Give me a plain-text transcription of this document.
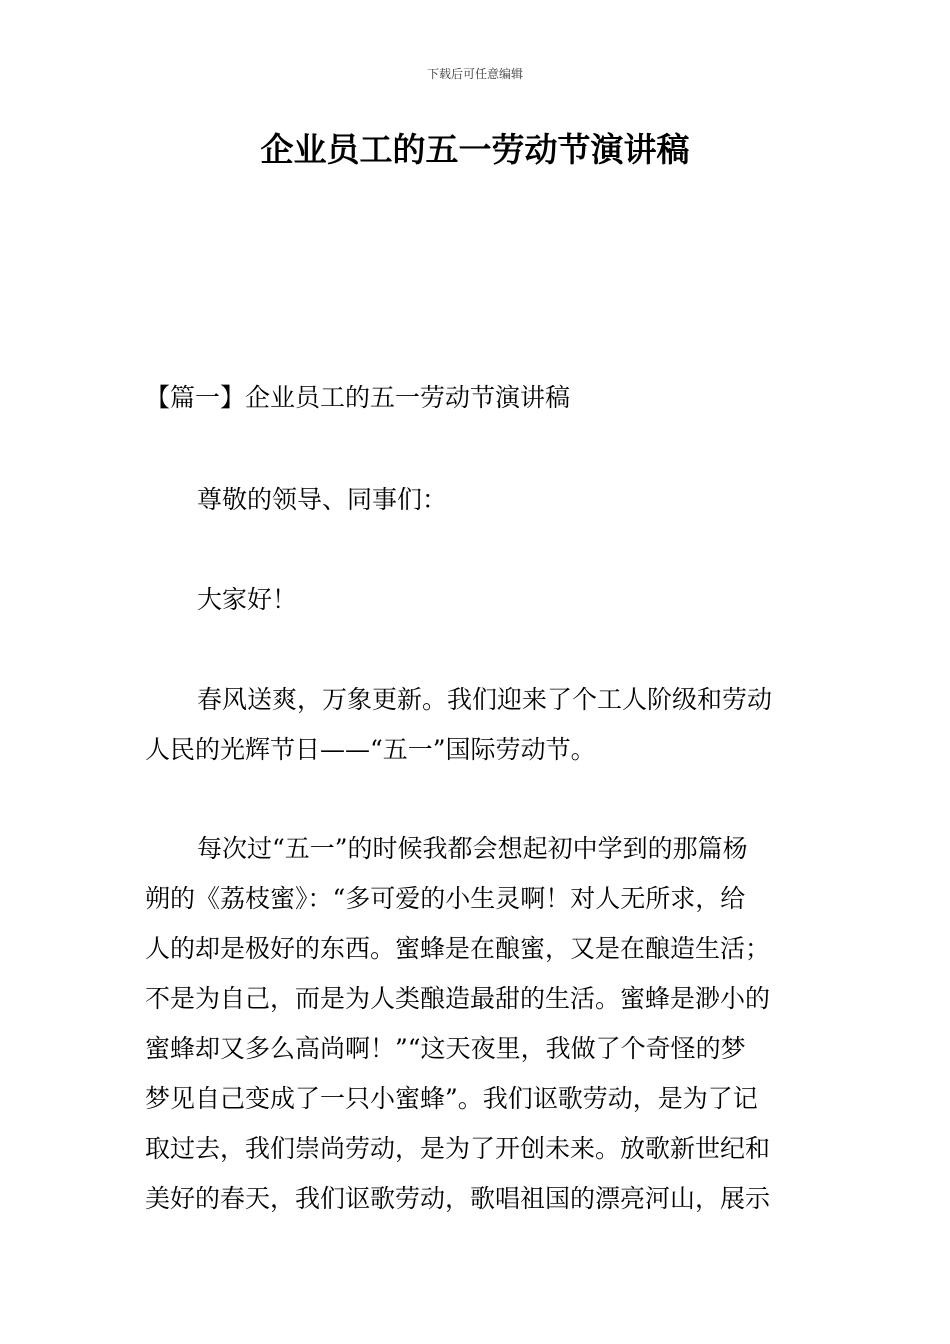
下载后可任意编辑
企业员工的五一劳动节演讲稿

【篇一】企业员工的五一劳动节演讲稿

尊敬的领导、同事们：

大家好！

春风送爽，万象更新。我们迎来了个工人阶级和劳动
人民的光辉节日——“五一”国际劳动节。

每次过“五一”的时候我都会想起初中学到的那篇杨
朔的《荔枝蜜》：“多可爱的小生灵啊！对人无所求，给
人的却是极好的东西。蜜蜂是在酿蜜，又是在酿造生活；
不是为自己，而是为人类酿造最甜的生活。蜜蜂是渺小的
蜜蜂却又多么高尚啊！”“这天夜里，我做了个奇怪的梦
梦见自己变成了一只小蜜蜂”。我们讴歌劳动，是为了记
取过去，我们崇尚劳动，是为了开创未来。放歌新世纪和
美好的春天，我们讴歌劳动，歌唱祖国的漂亮河山，展示
